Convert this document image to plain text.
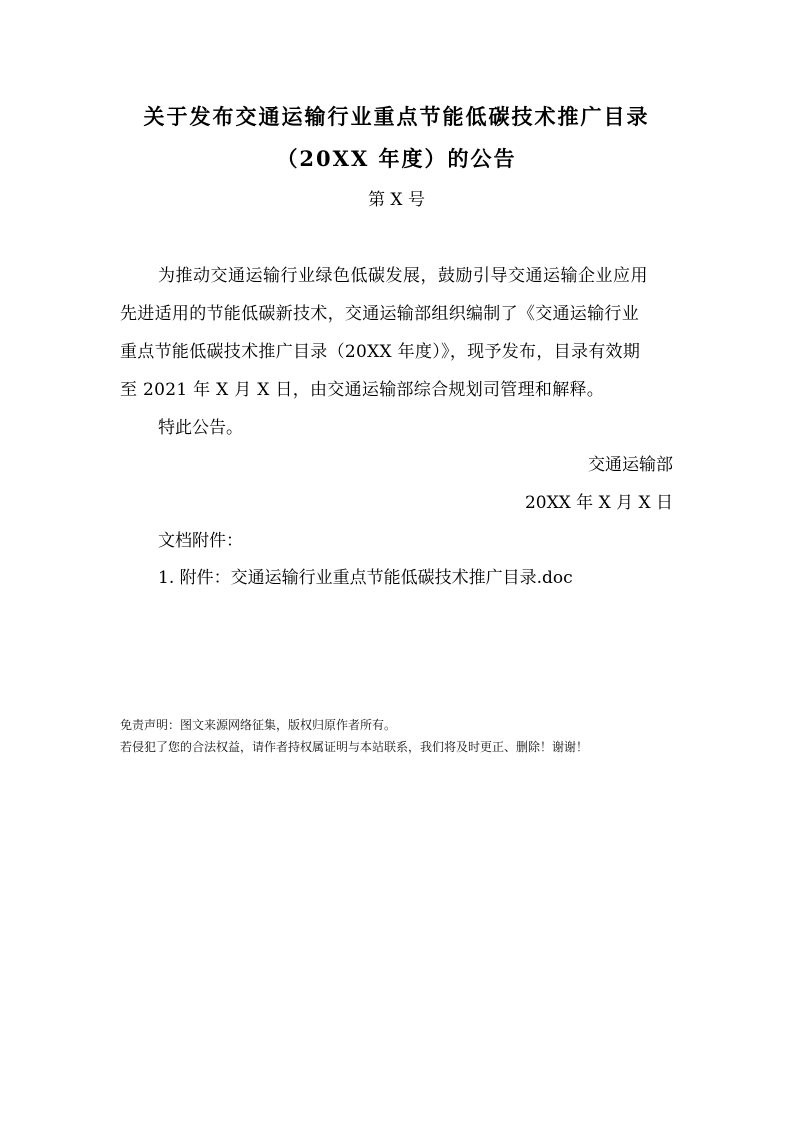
关于发布交通运输行业重点节能低碳技术推广目录
（20XX 年度）的公告
第 X 号
为推动交通运输行业绿色低碳发展，鼓励引导交通运输企业应用
先进适用的节能低碳新技术，交通运输部组织编制了《交通运输行业
重点节能低碳技术推广目录（20XX 年度）》，现予发布，目录有效期
至 2021 年 X 月 X 日，由交通运输部综合规划司管理和解释。
特此公告。
交通运输部
20XX 年 X 月 X 日
文档附件：
1. 附件：交通运输行业重点节能低碳技术推广目录.doc
免责声明：图文来源网络征集，版权归原作者所有。
若侵犯了您的合法权益，请作者持权属证明与本站联系，我们将及时更正、删除！谢谢！
